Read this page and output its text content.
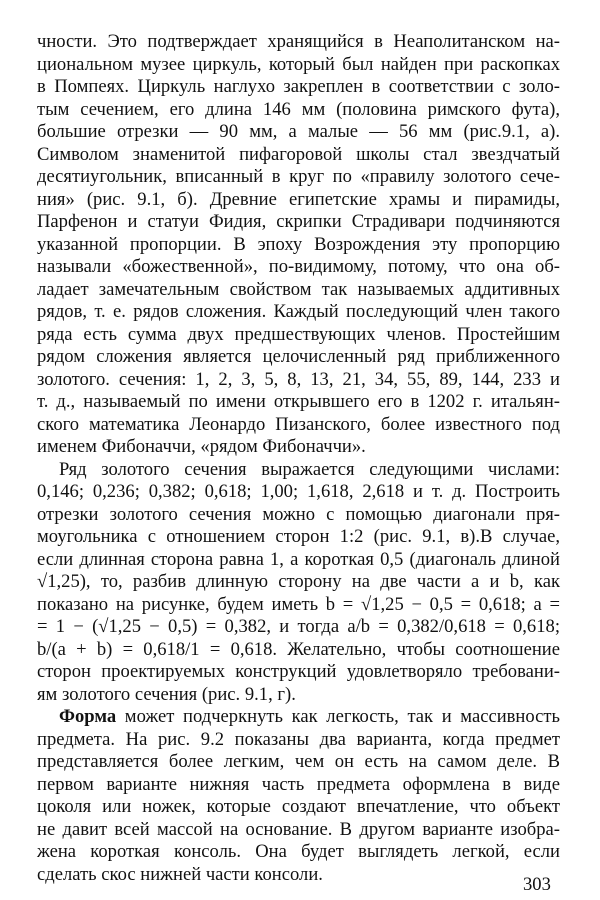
чности. Это подтверждает хранящийся в Неаполитанском на-
циональном музее циркуль, который был найден при раскопках
в Помпеях. Циркуль наглухо закреплен в соответствии с золо-
тым сечением, его длина 146 мм (половина римского фута),
большие отрезки — 90 мм, а малые — 56 мм (рис.9.1, а).
Символом знаменитой пифагоровой школы стал звездчатый
десятиугольник, вписанный в круг по «правилу золотого сече-
ния» (рис. 9.1, б). Древние египетские храмы и пирамиды,
Парфенон и статуи Фидия, скрипки Страдивари подчиняются
указанной пропорции. В эпоху Возрождения эту пропорцию
называли «божественной», по-видимому, потому, что она об-
ладает замечательным свойством так называемых аддитивных
рядов, т. е. рядов сложения. Каждый последующий член такого
ряда есть сумма двух предшествующих членов. Простейшим
рядом сложения является целочисленный ряд приближенного
золотого. сечения: 1, 2, 3, 5, 8, 13, 21, 34, 55, 89, 144, 233 и
т. д., называемый по имени открывшего его в 1202 г. итальян-
ского математика Леонардо Пизанского, более известного под
именем Фибоначчи, «рядом Фибоначчи».
Ряд золотого сечения выражается следующими числами:
0,146; 0,236; 0,382; 0,618; 1,00; 1,618, 2,618 и т. д. Построить
отрезки золотого сечения можно с помощью диагонали пря-
моугольника с отношением сторон 1:2 (рис. 9.1, в).В случае,
если длинная сторона равна 1, а короткая 0,5 (диагональ длиной
√1,25), то, разбив длинную сторону на две части a и b, как
показано на рисунке, будем иметь b = √1,25 − 0,5 = 0,618; a =
= 1 − (√1,25 − 0,5) = 0,382, и тогда a/b = 0,382/0,618 = 0,618;
b/(a + b) = 0,618/1 = 0,618. Желательно, чтобы соотношение
сторон проектируемых конструкций удовлетворяло требовани-
ям золотого сечения (рис. 9.1, г).
Форма может подчеркнуть как легкость, так и массивность
предмета. На рис. 9.2 показаны два варианта, когда предмет
представляется более легким, чем он есть на самом деле. В
первом варианте нижняя часть предмета оформлена в виде
цоколя или ножек, которые создают впечатление, что объект
не давит всей массой на основание. В другом варианте изобра-
жена короткая консоль. Она будет выглядеть легкой, если
сделать скос нижней части консоли.	303
